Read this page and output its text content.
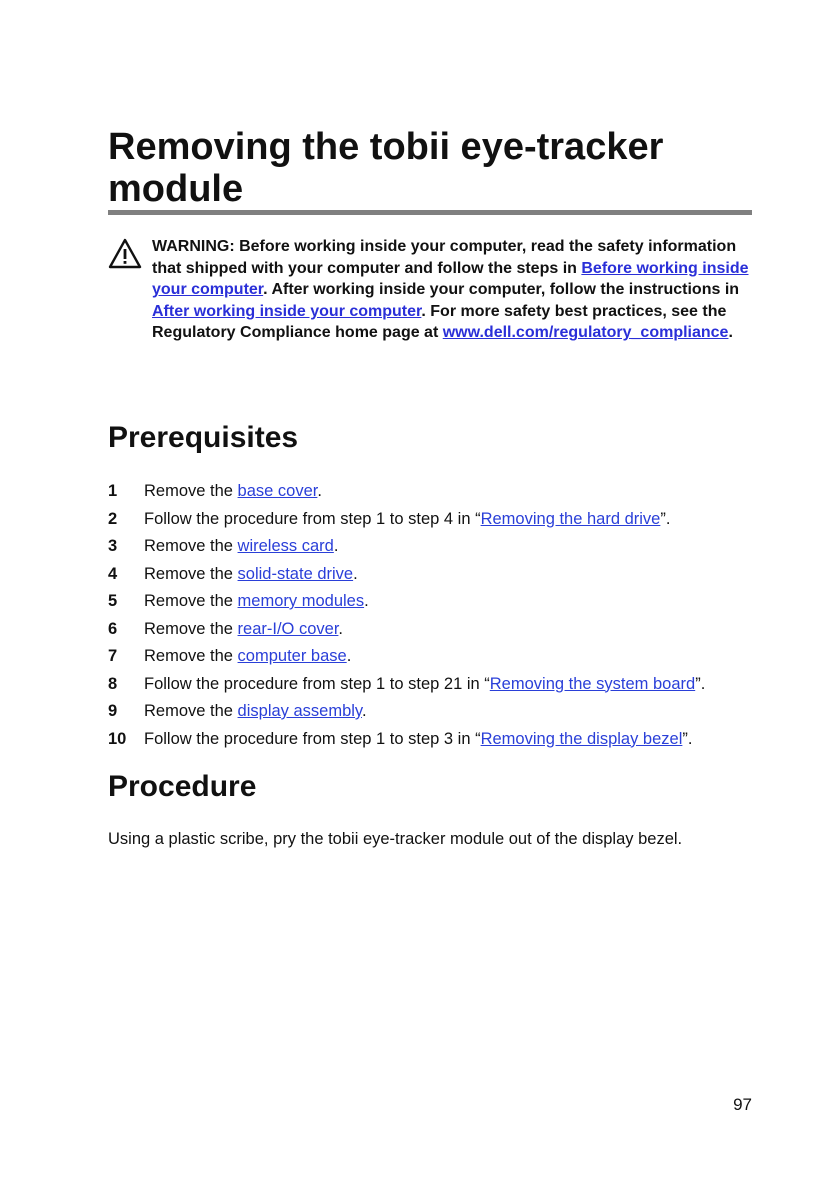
Removing the tobii eye-tracker module

WARNING: Before working inside your computer, read the safety information that shipped with your computer and follow the steps in Before working inside your computer. After working inside your computer, follow the instructions in After working inside your computer. For more safety best practices, see the Regulatory Compliance home page at www.dell.com/regulatory_compliance.

Prerequisites
1 Remove the base cover.
2 Follow the procedure from step 1 to step 4 in “Removing the hard drive”.
3 Remove the wireless card.
4 Remove the solid-state drive.
5 Remove the memory modules.
6 Remove the rear-I/O cover.
7 Remove the computer base.
8 Follow the procedure from step 1 to step 21 in “Removing the system board”.
9 Remove the display assembly.
10 Follow the procedure from step 1 to step 3 in “Removing the display bezel”.
Procedure

Using a plastic scribe, pry the tobii eye-tracker module out of the display bezel.

97
